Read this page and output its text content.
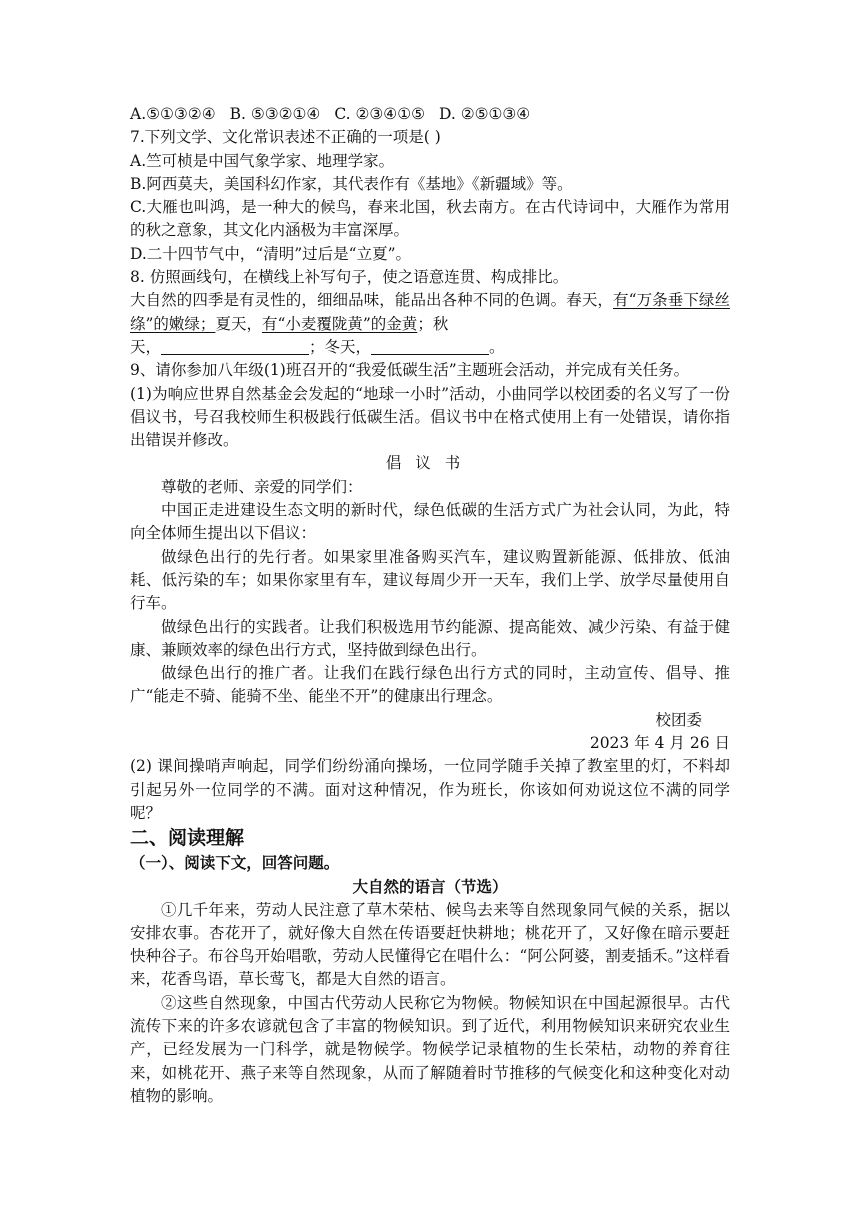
A.⑤①③②④ B. ⑤③②①④ C. ②③④①⑤ D. ②⑤①③④
7.下列文学、文化常识表述不正确的一项是( )
A.竺可桢是中国气象学家、地理学家。
B.阿西莫夫，美国科幻作家，其代表作有《基地》《新疆域》等。
C.大雁也叫鸿，是一种大的候鸟，春来北国，秋去南方。在古代诗词中，大雁作为常用的秋之意象，其文化内涵极为丰富深厚。
D.二十四节气中，“清明”过后是“立夏”。
8. 仿照画线句，在横线上补写句子，使之语意连贯、构成排比。
大自然的四季是有灵性的，细细品味，能品出各种不同的色调。春天，有“万条垂下绿丝绦”的嫩绿；夏天，有“小麦覆陇黄”的金黄；秋
天，	；冬天，	。
9、请你参加八年级(1)班召开的“我爱低碳生活”主题班会活动，并完成有关任务。
(1)为响应世界自然基金会发起的“地球一小时”活动，小曲同学以校团委的名义写了一份倡议书，号召我校师生积极践行低碳生活。倡议书中在格式使用上有一处错误，请你指出错误并修改。
倡议书
尊敬的老师、亲爱的同学们：
中国正走进建设生态文明的新时代，绿色低碳的生活方式广为社会认同，为此，特向全体师生提出以下倡议：
做绿色出行的先行者。如果家里准备购买汽车，建议购置新能源、低排放、低油耗、低污染的车；如果你家里有车，建议每周少开一天车，我们上学、放学尽量使用自行车。
做绿色出行的实践者。让我们积极选用节约能源、提高能效、减少污染、有益于健康、兼顾效率的绿色出行方式，坚持做到绿色出行。
做绿色出行的推广者。让我们在践行绿色出行方式的同时，主动宣传、倡导、推广“能走不骑、能骑不坐、能坐不开”的健康出行理念。
校团委
2023 年 4 月 26 日
(2) 课间操哨声响起，同学们纷纷涌向操场，一位同学随手关掉了教室里的灯，不料却引起另外一位同学的不满。面对这种情况，作为班长，你该如何劝说这位不满的同学呢？
二、阅读理解
（一）、阅读下文，回答问题。
大自然的语言（节选）
①几千年来，劳动人民注意了草木荣枯、候鸟去来等自然现象同气候的关系，据以安排农事。杏花开了，就好像大自然在传语要赶快耕地；桃花开了，又好像在暗示要赶快种谷子。布谷鸟开始唱歌，劳动人民懂得它在唱什么：“阿公阿婆，割麦插禾。”这样看来，花香鸟语，草长莺飞，都是大自然的语言。
②这些自然现象，中国古代劳动人民称它为物候。物候知识在中国起源很早。古代流传下来的许多农谚就包含了丰富的物候知识。到了近代，利用物候知识来研究农业生产，已经发展为一门科学，就是物候学。物候学记录植物的生长荣枯，动物的养育往来，如桃花开、燕子来等自然现象，从而了解随着时节推移的气候变化和这种变化对动植物的影响。
